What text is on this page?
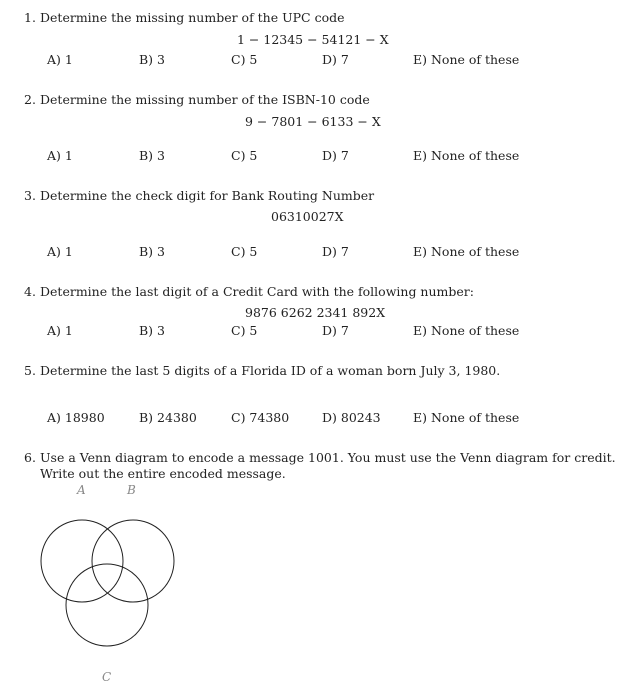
1. Determine the missing number of the UPC code
1 − 12345 − 54121 − X
A) 1	B) 3	C) 5	D) 7	E) None of these
2. Determine the missing number of the ISBN-10 code
9 − 7801 − 6133 − X
A) 1	B) 3	C) 5	D) 7	E) None of these
3. Determine the check digit for Bank Routing Number
06310027X
A) 1	B) 3	C) 5	D) 7	E) None of these
4. Determine the last digit of a Credit Card with the following number:
9876 6262 2341 892X
A) 1	B) 3	C) 5	D) 7	E) None of these
5. Determine the last 5 digits of a Florida ID of a woman born July 3, 1980.
A) 18980	B) 24380	C) 74380	D) 80243	E) None of these
6. Use a Venn diagram to encode a message 1001. You must use the Venn diagram for credit.
Write out the entire encoded message.
A	B
C
